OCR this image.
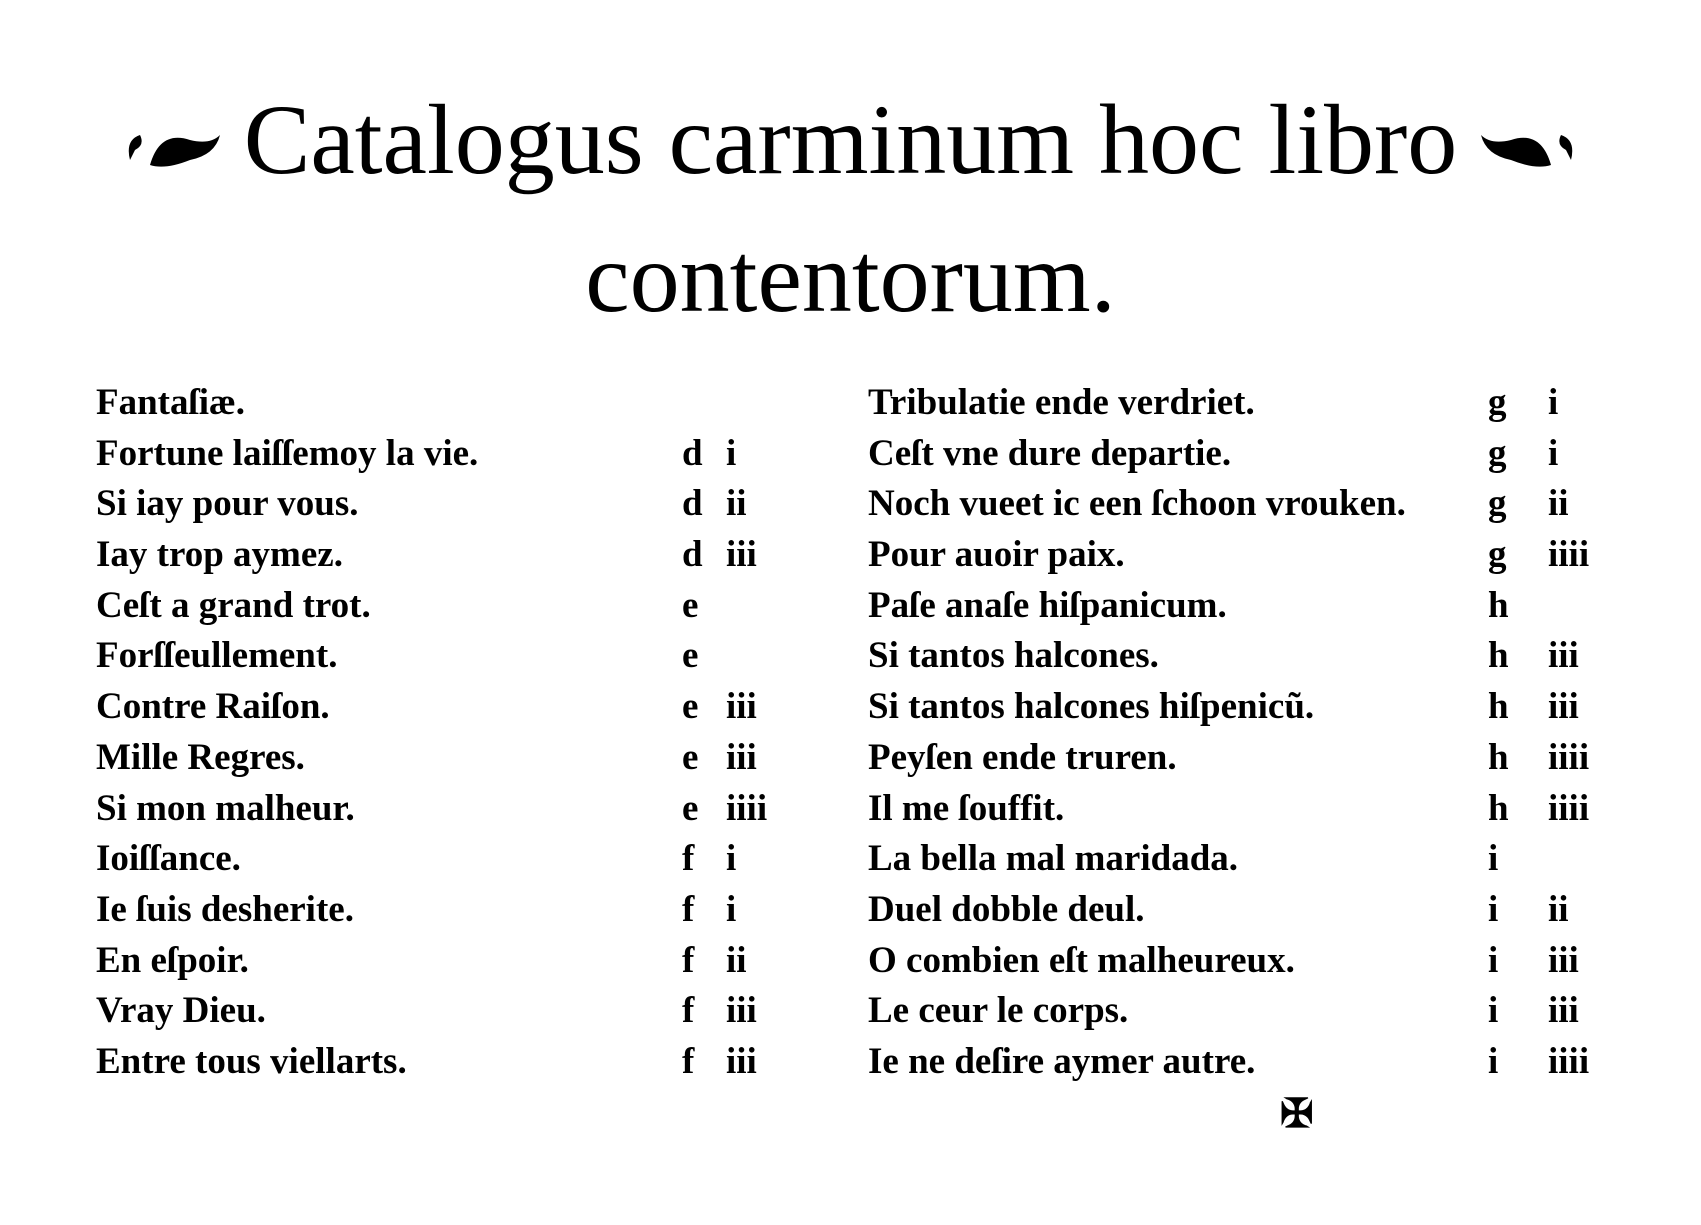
Catalogus carminum hoc libro
contentorum.
Fantaſiæ.
Fortune laiſſemoy la vie.	d i
Si iay pour vous.	d ii
Iay trop aymez.	d iii
Ceſt a grand trot.	e
Forſſeullement.	e
Contre Raiſon.	e iii
Mille Regres.	e iii
Si mon malheur.	e iiii
Ioiſſance.	f i
Ie ſuis desherite.	f i
En eſpoir.	f ii
Vray Dieu.	f iii
Entre tous viellarts.	f iii
Tribulatie ende verdriet.	g i
Ceſt vne dure departie.	g i
Noch vueet ic een ſchoon vrouken. g ii
Pour auoir paix.	g iiii
Paſe anaſe hiſpanicum.	h
Si tantos halcones.	h iii
Si tantos halcones hiſpenicũ.	h iii
Peyſen ende truren.	h iiii
Il me ſouffit.	h iiii
La bella mal maridada.	i
Duel dobble deul.	i ii
O combien eſt malheureux.	i iii
Le ceur le corps.	i iii
Ie ne deſire aymer autre.	i iiii
✠
